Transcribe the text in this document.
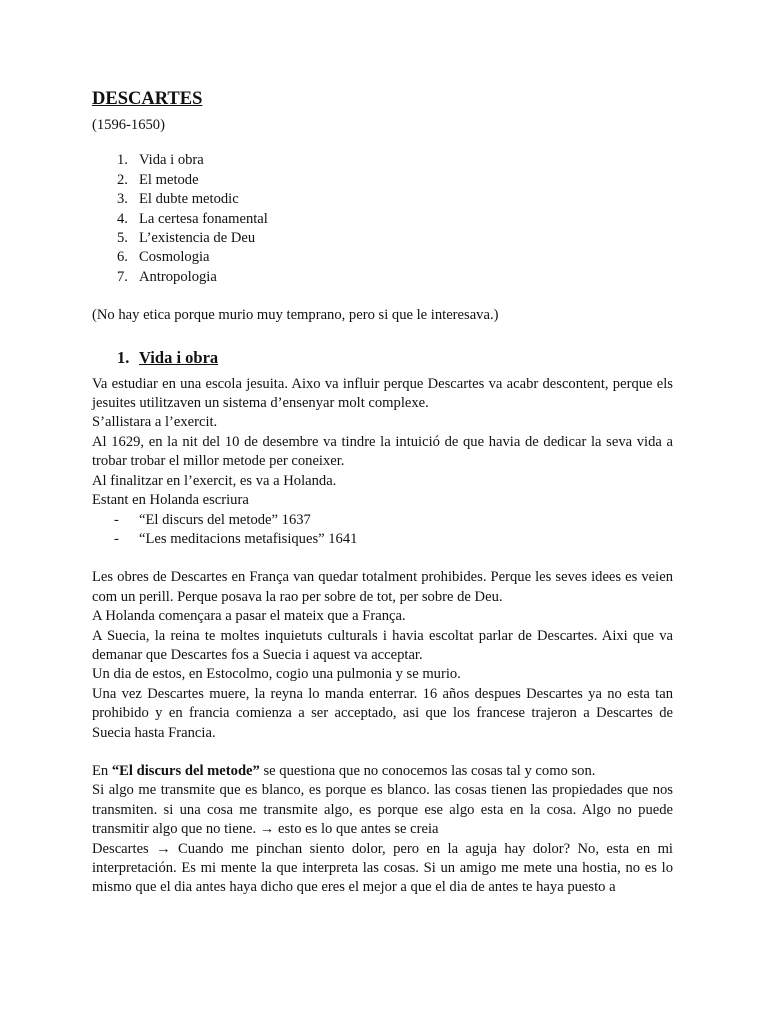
DESCARTES
(1596-1650)
1. Vida i obra
2. El metode
3. El dubte metodic
4. La certesa fonamental
5. L’existencia de Deu
6. Cosmologia
7. Antropologia
(No hay etica porque murio muy temprano, pero si que le interesava.)
1. Vida i obra
Va estudiar en una escola jesuita. Aixo va influir perque Descartes va acabr descontent, perque els jesuites utilitzaven un sistema d’ensenyar molt complexe.
S’allistara a l’exercit.
Al 1629, en la nit del 10 de desembre va tindre la intuició de que havia de dedicar la seva vida a trobar trobar el millor metode per coneixer.
Al finalitzar en l’exercit, es va a Holanda.
Estant en Holanda escriura
-	“El discurs del metode” 1637
-	“Les meditacions metafisiques” 1641
Les obres de Descartes en França van quedar totalment prohibides. Perque les seves idees es veien com un perill. Perque posava la rao per sobre de tot, per sobre de Deu.
A Holanda començara a pasar el mateix que a França.
A Suecia, la reina te moltes inquietuts culturals i havia escoltat parlar de Descartes. Aixi que va demanar que Descartes fos a Suecia i aquest va acceptar.
Un dia de estos, en Estocolmo, cogio una pulmonia y se murio.
Una vez Descartes muere, la reyna lo manda enterrar. 16 años despues Descartes ya no esta tan prohibido y en francia comienza a ser acceptado, asi que los francese trajeron a Descartes de Suecia hasta Francia.
En “El discurs del metode” se questiona que no conocemos las cosas tal y como son.
Si algo me transmite que es blanco, es porque es blanco. las cosas tienen las propiedades que nos transmiten. si una cosa me transmite algo, es porque ese algo esta en la cosa. Algo no puede transmitir algo que no tiene. → esto es lo que antes se creia
Descartes → Cuando me pinchan siento dolor, pero en la aguja hay dolor? No, esta en mi interpretación. Es mi mente la que interpreta las cosas. Si un amigo me mete una hostia, no es lo mismo que el dia antes haya dicho que eres el mejor a que el dia de antes te haya puesto a
